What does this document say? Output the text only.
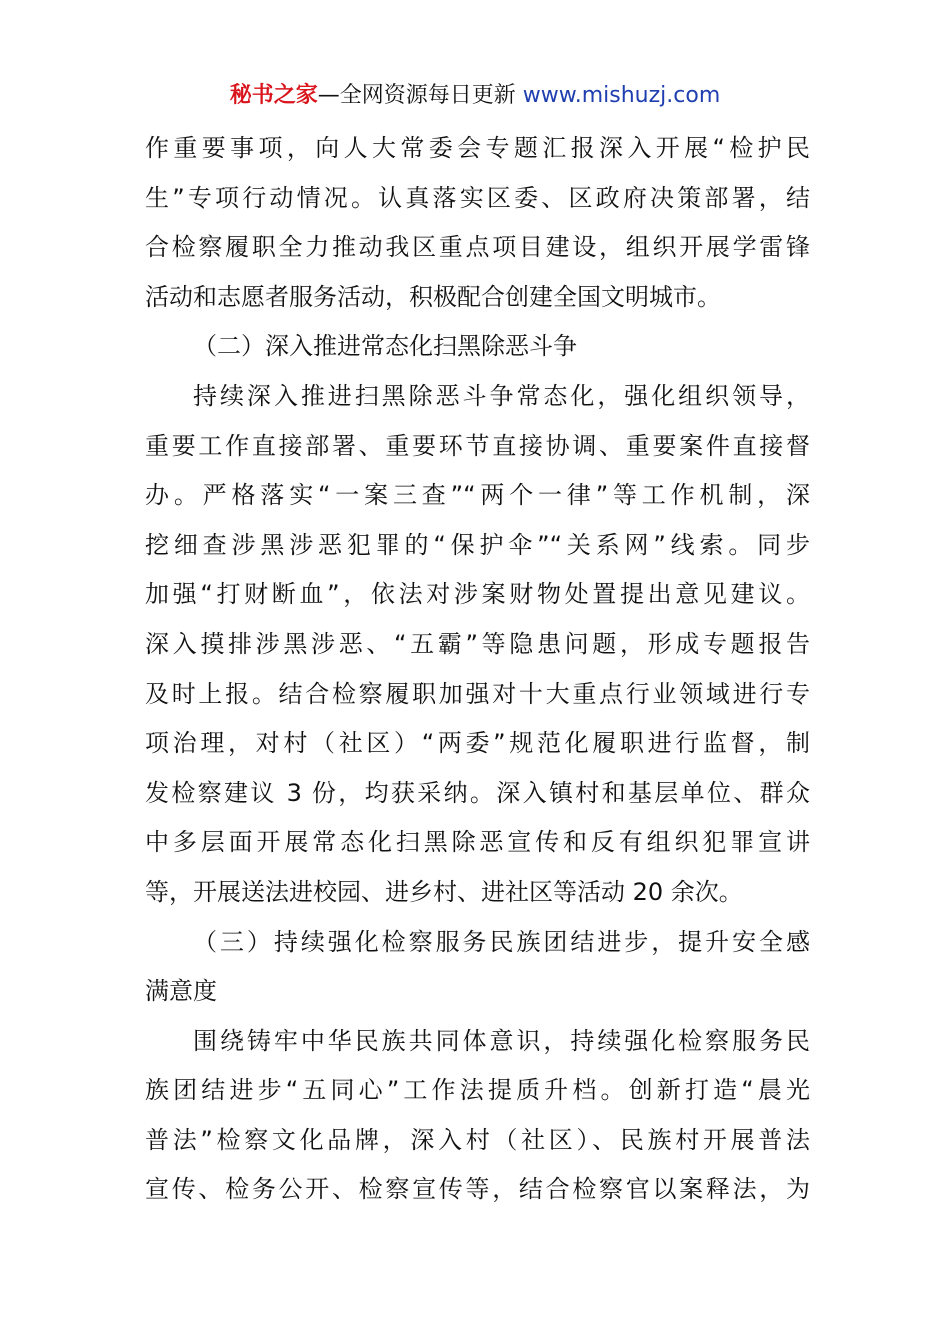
秘书之家—全网资源每日更新 www.mishuzj.com
作重要事项，向人大常委会专题汇报深入开展“检护民
生”专项行动情况。认真落实区委、区政府决策部署，结
合检察履职全力推动我区重点项目建设，组织开展学雷锋
活动和志愿者服务活动，积极配合创建全国文明城市。
（二）深入推进常态化扫黑除恶斗争
持续深入推进扫黑除恶斗争常态化，强化组织领导，
重要工作直接部署、重要环节直接协调、重要案件直接督
办。严格落实“一案三查”“两个一律”等工作机制，深
挖细查涉黑涉恶犯罪的“保护伞”“关系网”线索。同步
加强“打财断血”，依法对涉案财物处置提出意见建议。
深入摸排涉黑涉恶、“五霸”等隐患问题，形成专题报告
及时上报。结合检察履职加强对十大重点行业领域进行专
项治理，对村（社区）“两委”规范化履职进行监督，制
发检察建议 3 份，均获采纳。深入镇村和基层单位、群众
中多层面开展常态化扫黑除恶宣传和反有组织犯罪宣讲
等，开展送法进校园、进乡村、进社区等活动 20 余次。
（三）持续强化检察服务民族团结进步，提升安全感
满意度
围绕铸牢中华民族共同体意识，持续强化检察服务民
族团结进步“五同心”工作法提质升档。创新打造“晨光
普法”检察文化品牌，深入村（社区）、民族村开展普法
宣传、检务公开、检察宣传等，结合检察官以案释法，为
